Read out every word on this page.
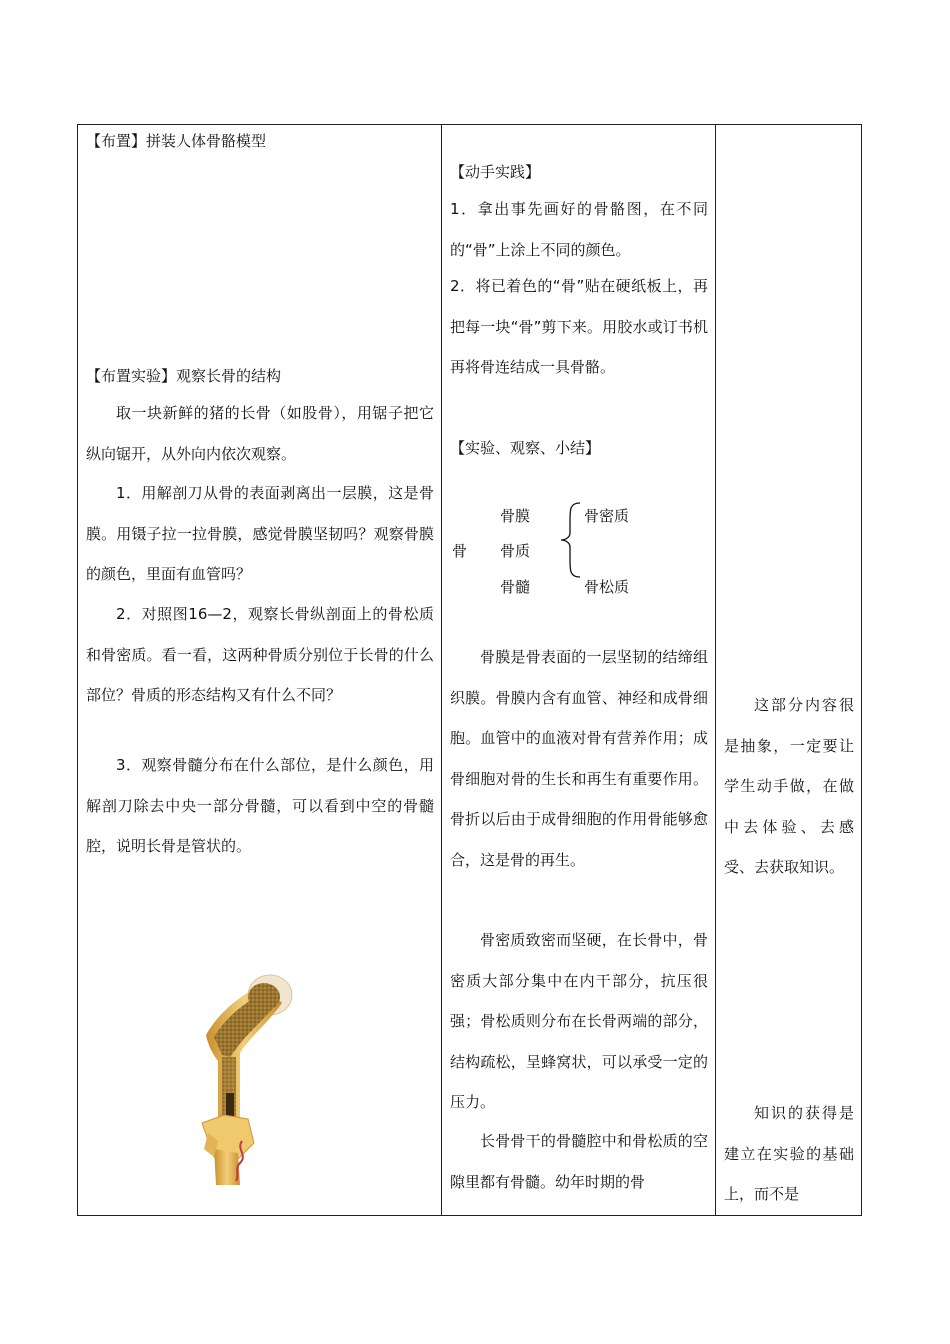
【布置】拼装人体骨骼模型
【布置实验】观察长骨的结构
取一块新鲜的猪的长骨（如股骨），用锯子把它纵向锯开，从外向内依次观察。
1．用解剖刀从骨的表面剥离出一层膜，这是骨膜。用镊子拉一拉骨膜，感觉骨膜坚韧吗？观察骨膜的颜色，里面有血管吗？
2．对照图16—2，观察长骨纵剖面上的骨松质和骨密质。看一看，这两种骨质分别位于长骨的什么部位？骨质的形态结构又有什么不同？
3．观察骨髓分布在什么部位，是什么颜色，用解剖刀除去中央一部分骨髓，可以看到中空的骨髓腔，说明长骨是管状的。
【动手实践】
1．拿出事先画好的骨骼图，在不同的“骨”上涂上不同的颜色。
2．将已着色的“骨”贴在硬纸板上，再把每一块“骨”剪下来。用胶水或订书机再将骨连结成一具骨骼。
【实验、观察、小结】
骨
骨膜
骨质
骨髓
骨密质
骨松质
骨膜是骨表面的一层坚韧的结缔组织膜。骨膜内含有血管、神经和成骨细胞。血管中的血液对骨有营养作用；成骨细胞对骨的生长和再生有重要作用。骨折以后由于成骨细胞的作用骨能够愈合，这是骨的再生。
骨密质致密而坚硬，在长骨中，骨密质大部分集中在内干部分，抗压很强；骨松质则分布在长骨两端的部分，结构疏松，呈蜂窝状，可以承受一定的压力。
长骨骨干的骨髓腔中和骨松质的空隙里都有骨髓。幼年时期的骨
这部分内容很是抽象，一定要让学生动手做，在做中去体验、去感受、去获取知识。
知识的获得是建立在实验的基础上，而不是
